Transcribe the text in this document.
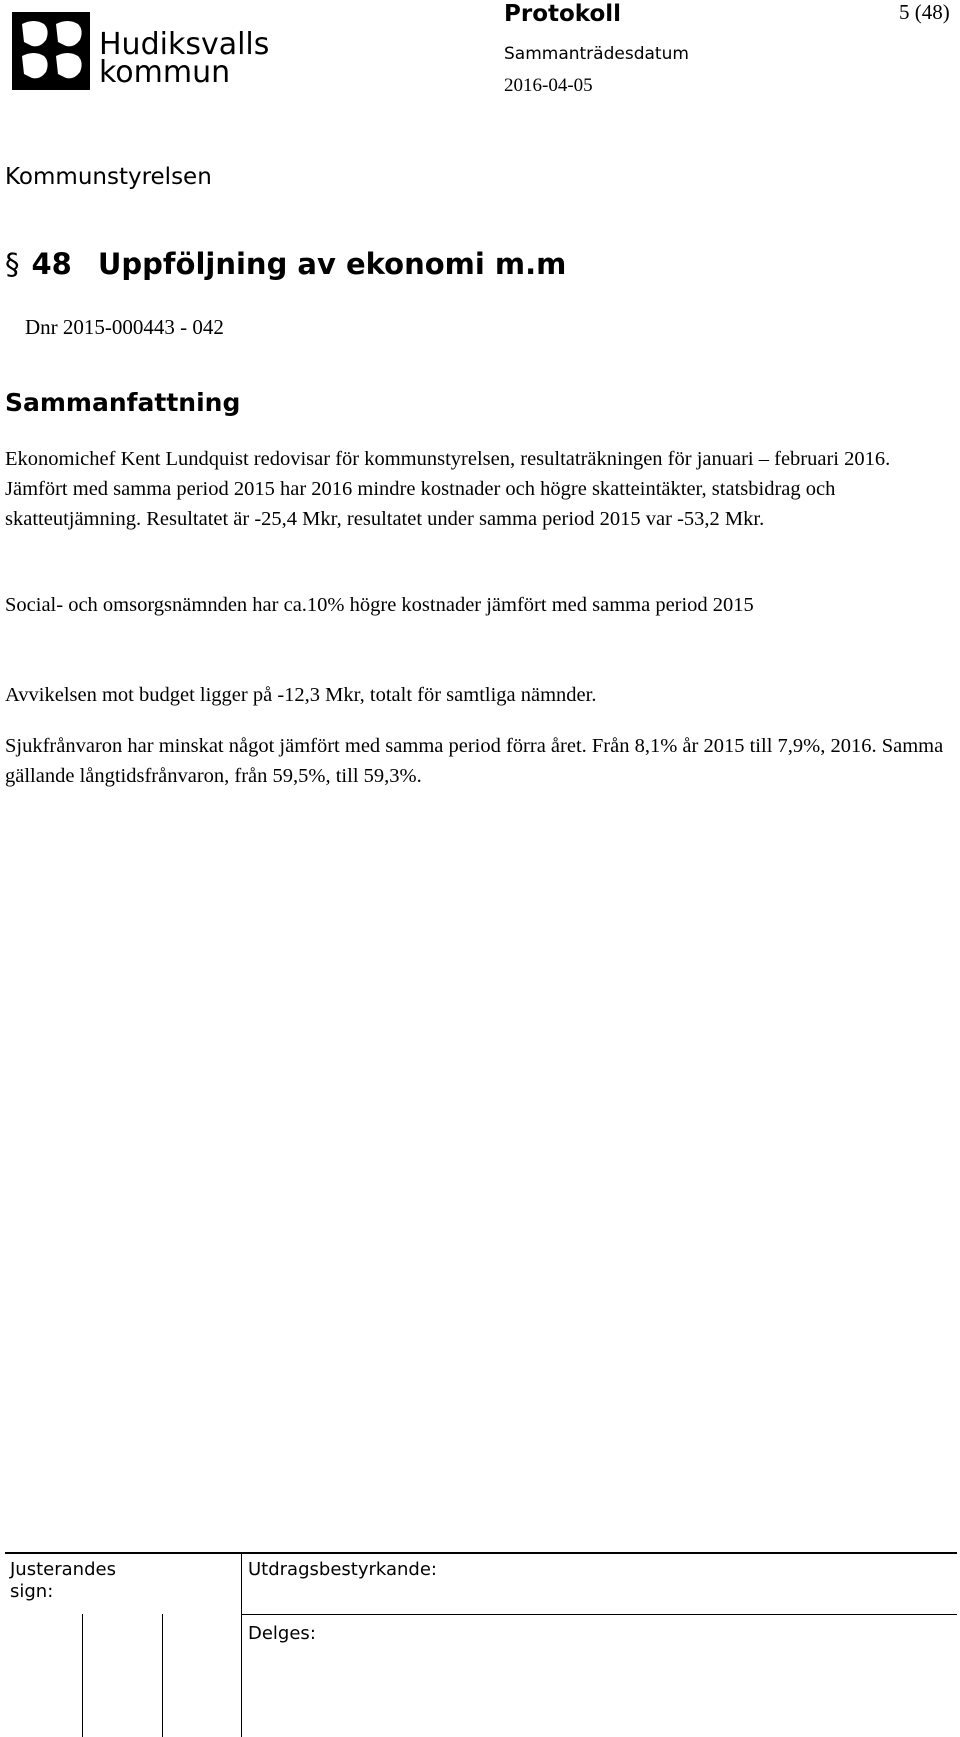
Hudiksvalls
kommun
Protokoll	5 (48)
Sammanträdesdatum
2016-04-05
Kommunstyrelsen
§ 48 Uppföljning av ekonomi m.m
Dnr 2015-000443 - 042
Sammanfattning

Ekonomichef Kent Lundquist redovisar för kommunstyrelsen, resultaträkningen för januari – februari 2016. Jämfört med samma period 2015 har 2016 mindre kostnader och högre skatteintäkter, statsbidrag och skatteutjämning. Resultatet är -25,4 Mkr, resultatet under samma period 2015 var -53,2 Mkr.

Social- och omsorgsnämnden har ca.10% högre kostnader jämfört med samma period 2015

Avvikelsen mot budget ligger på -12,3 Mkr, totalt för samtliga nämnder.

Sjukfrånvaron har minskat något jämfört med samma period förra året. Från 8,1% år 2015 till 7,9%, 2016. Samma gällande långtidsfrånvaron, från 59,5%, till 59,3%.

Justerandes
sign:
Utdragsbestyrkande:
Delges:
